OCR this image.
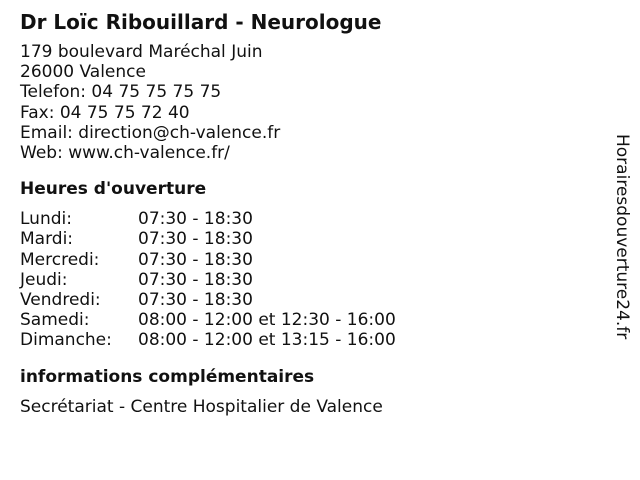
Dr Loïc Ribouillard - Neurologue
179 boulevard Maréchal Juin
26000 Valence
Telefon: 04 75 75 75 75
Fax: 04 75 75 72 40
Email: direction@ch-valence.fr
Web: www.ch-valence.fr/
Heures d'ouverture
Lundi:	07:30 - 18:30
Mardi:	07:30 - 18:30
Mercredi:	07:30 - 18:30
Jeudi:	07:30 - 18:30
Vendredi:	07:30 - 18:30
Samedi:	08:00 - 12:00 et 12:30 - 16:00
Dimanche:	08:00 - 12:00 et 13:15 - 16:00
informations complémentaires
Secrétariat - Centre Hospitalier de Valence
Horairesdouverture24.fr
